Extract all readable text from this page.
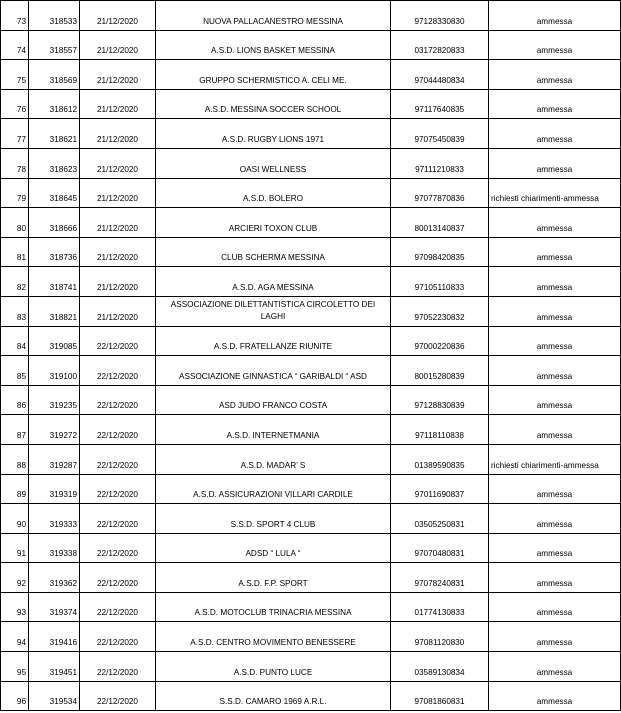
73	318533	21/12/2020	NUOVA PALLACANESTRO MESSINA	97128330830	ammessa
74	318557	21/12/2020	A.S.D. LIONS BASKET MESSINA	03172820833	ammessa
75	318569	21/12/2020	GRUPPO SCHERMISTICO A. CELI ME.	97044480834	ammessa
76	318612	21/12/2020	A.S.D. MESSINA SOCCER SCHOOL	97117640835	ammessa
77	318621	21/12/2020	A.S.D. RUGBY LIONS 1971	97075450839	ammessa
78	318623	21/12/2020	OASI WELLNESS	97111210833	ammessa
79	318645	21/12/2020	A.S.D. BOLERO	97077870836	richiesti chiarimenti-ammessa
80	318666	21/12/2020	ARCIERI TOXON CLUB	80013140837	ammessa
81	318736	21/12/2020	CLUB SCHERMA MESSINA	97098420835	ammessa
82	318741	21/12/2020	A.S.D. AGA MESSINA	97105110833	ammessa
83	318821	21/12/2020	ASSOCIAZIONE DILETTANTISTICA CIRCOLETTO DEI LAGHI	97052230832	ammessa
84	319085	22/12/2020	A.S.D. FRATELLANZE RIUNITE	97000220836	ammessa
85	319100	22/12/2020	ASSOCIAZIONE GINNASTICA “ GARIBALDI “ ASD	80015280839	ammessa
86	319235	22/12/2020	ASD JUDO FRANCO COSTA	97128830839	ammessa
87	319272	22/12/2020	A.S.D. INTERNETMANIA	97118110838	ammessa
88	319287	22/12/2020	A.S.D. MADAR’ S	01389590835	richiesti chiarimenti-ammessa
89	319319	22/12/2020	A.S.D. ASSICURAZIONI VILLARI CARDILE	97011690837	ammessa
90	319333	22/12/2020	S.S.D. SPORT 4 CLUB	03505250831	ammessa
91	319338	22/12/2020	ADSD “ LULA “	97070480831	ammessa
92	319362	22/12/2020	A.S.D. F.P. SPORT	97078240831	ammessa
93	319374	22/12/2020	A.S.D. MOTOCLUB TRINACRIA MESSINA	01774130833	ammessa
94	319416	22/12/2020	A.S.D. CENTRO MOVIMENTO BENESSERE	97081120830	ammessa
95	319451	22/12/2020	A.S.D. PUNTO LUCE	03589130834	ammessa
96	319534	22/12/2020	S.S.D. CAMARO 1969 A.R.L.	97081860831	ammessa
